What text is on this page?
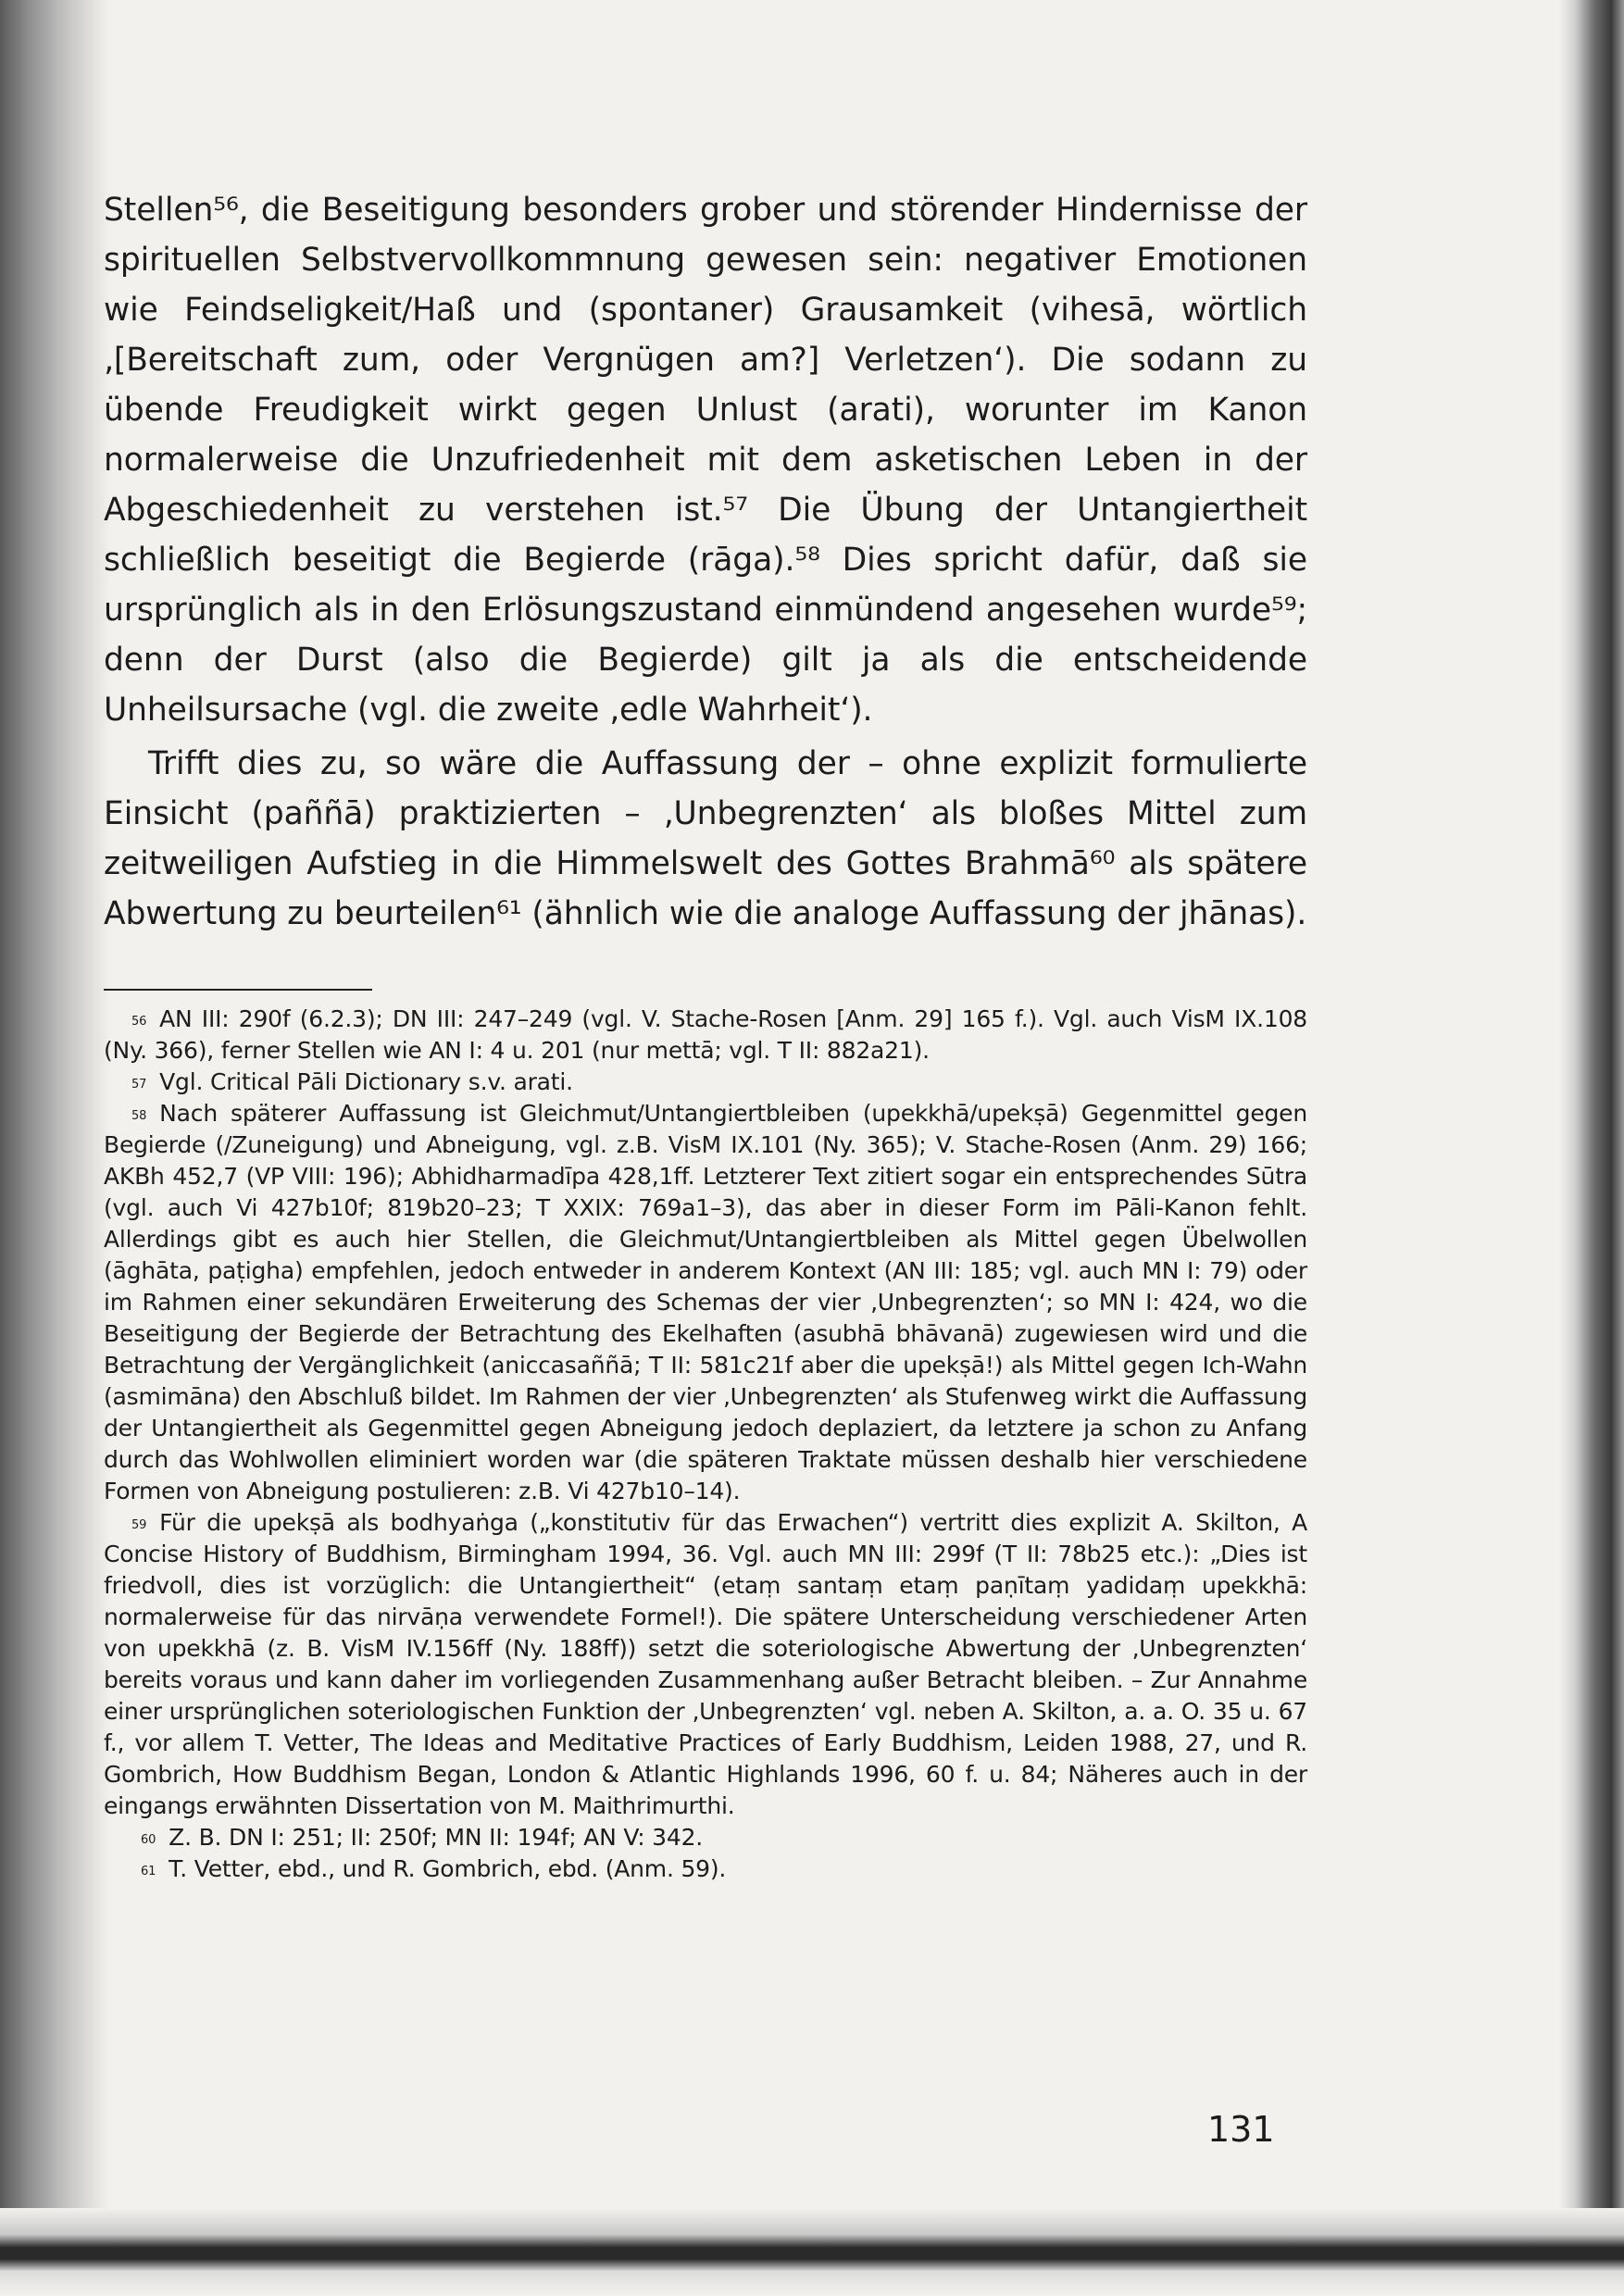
Stellen⁵⁶, die Beseitigung besonders grober und störender Hindernisse der spirituellen Selbstvervollkommnung gewesen sein: negativer Emotionen wie Feindseligkeit/Haß und (spontaner) Grausamkeit (vihesā, wörtlich ‚[Bereitschaft zum, oder Vergnügen am?] Verletzen‘). Die sodann zu übende Freudigkeit wirkt gegen Unlust (arati), worunter im Kanon normalerweise die Unzufriedenheit mit dem asketischen Leben in der Abgeschiedenheit zu verstehen ist.⁵⁷ Die Übung der Untangiertheit schließlich beseitigt die Begierde (rāga).⁵⁸ Dies spricht dafür, daß sie ursprünglich als in den Erlösungszustand einmündend angesehen wurde⁵⁹; denn der Durst (also die Begierde) gilt ja als die entscheidende Unheilsursache (vgl. die zweite ‚edle Wahrheit‘).

Trifft dies zu, so wäre die Auffassung der – ohne explizit formulierte Einsicht (paññā) praktizierten – ‚Unbegrenzten‘ als bloßes Mittel zum zeitweiligen Aufstieg in die Himmelswelt des Gottes Brahmā⁶⁰ als spätere Abwertung zu beurteilen⁶¹ (ähnlich wie die analoge Auffassung der jhānas).

$^{56}$ AN III: 290f (6.2.3); DN III: 247–249 (vgl. V. Stache-Rosen [Anm. 29] 165 f.). Vgl. auch VisM IX.108 (Ny. 366), ferner Stellen wie AN I: 4 u. 201 (nur mettā; vgl. T II: 882a21).

$^{57}$ Vgl. Critical Pāli Dictionary s.v. arati.

$^{58}$ Nach späterer Auffassung ist Gleichmut/Untangiertbleiben (upekkhā/upekṣā) Gegenmittel gegen Begierde (/Zuneigung) und Abneigung, vgl. z.B. VisM IX.101 (Ny. 365); V. Stache-Rosen (Anm. 29) 166; AKBh 452,7 (VP VIII: 196); Abhidharmadīpa 428,1ff. Letzterer Text zitiert sogar ein entsprechendes Sūtra (vgl. auch Vi 427b10f; 819b20–23; T XXIX: 769a1–3), das aber in dieser Form im Pāli-Kanon fehlt. Allerdings gibt es auch hier Stellen, die Gleichmut/Untangiertbleiben als Mittel gegen Übelwollen (āghāta, paṭigha) empfehlen, jedoch entweder in anderem Kontext (AN III: 185; vgl. auch MN I: 79) oder im Rahmen einer sekundären Erweiterung des Schemas der vier ‚Unbegrenzten‘; so MN I: 424, wo die Beseitigung der Begierde der Betrachtung des Ekelhaften (asubhā bhāvanā) zugewiesen wird und die Betrachtung der Vergänglichkeit (aniccasaññā; T II: 581c21f aber die upekṣā!) als Mittel gegen Ich-Wahn (asmimāna) den Abschluß bildet. Im Rahmen der vier ‚Unbegrenzten‘ als Stufenweg wirkt die Auffassung der Untangiertheit als Gegenmittel gegen Abneigung jedoch deplaziert, da letztere ja schon zu Anfang durch das Wohlwollen eliminiert worden war (die späteren Traktate müssen deshalb hier verschiedene Formen von Abneigung postulieren: z.B. Vi 427b10–14).

$^{59}$ Für die upekṣā als bodhyaṅga („konstitutiv für das Erwachen“) vertritt dies explizit A. Skilton, A Concise History of Buddhism, Birmingham 1994, 36. Vgl. auch MN III: 299f (T II: 78b25 etc.): „Dies ist friedvoll, dies ist vorzüglich: die Untangiertheit“ (etaṃ santaṃ etaṃ paṇītaṃ yadidaṃ upekkhā: normalerweise für das nirvāṇa verwendete Formel!). Die spätere Unterscheidung verschiedener Arten von upekkhā (z. B. VisM IV.156ff (Ny. 188ff)) setzt die soteriologische Abwertung der ‚Unbegrenzten‘ bereits voraus und kann daher im vorliegenden Zusammenhang außer Betracht bleiben. – Zur Annahme einer ursprünglichen soteriologischen Funktion der ‚Unbegrenzten‘ vgl. neben A. Skilton, a. a. O. 35 u. 67 f., vor allem T. Vetter, The Ideas and Meditative Practices of Early Buddhism, Leiden 1988, 27, und R. Gombrich, How Buddhism Began, London & Atlantic Highlands 1996, 60 f. u. 84; Näheres auch in der eingangs erwähnten Dissertation von M. Maithrimurthi.

$^{60}$ Z. B. DN I: 251; II: 250f; MN II: 194f; AN V: 342.

$^{61}$ T. Vetter, ebd., und R. Gombrich, ebd. (Anm. 59).

131
